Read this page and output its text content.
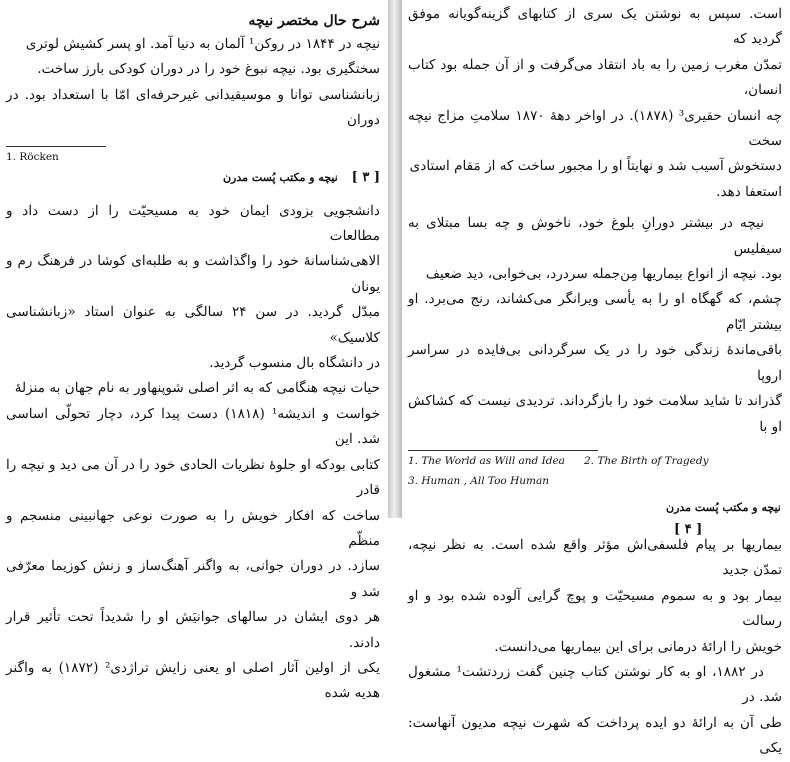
شرح حال مختصر نیچه
نیچه در ۱۸۴۴ در روکن¹ آلمان به دنیا آمد. او پسر کشیش لوتری
سختگیری بود. نیچه نبوغ خود را در دوران کودکی بارز ساخت.
زبانشناسی توانا و موسیقیدانی غیرحرفه‌ای امّا با استعداد بود. در دوران
1. Röcken
[ ۳ ] نیچه و مکتب پُست مدرن
دانشجویی بزودی ایمان خود به مسیحیّت را از دست داد و مطالعات
الاهی‌شناسانهٔ خود را واگذاشت و به طلبه‌ای کوشا در فرهنگ رم و یونان
مبدّل گردید. در سن ۲۴ سالگی به عنوان استاد «زبانشناسی کلاسیک»
در دانشگاه بال منسوب گردید.
حیات نیچه هنگامی که به اثر اصلی شوپنهاور به نام جهان به منزلهٔ
خواست و اندیشه¹ (۱۸۱۸) دست پیدا کرد، دچار تحولّی اساسی شد. این
کتابی بودکه او جلوهٔ نظریات الحادی خود را در آن می دید و نیچه را قادر
ساخت که افکار خویش را به صورت نوعی جهانبینی منسجم و منظّم
سازد. در دوران جوانی، به واگنر آهنگ‌ساز و زنش کوزیما معرّفی شد و
هر دوی ایشان در سالهای جوانیَش او را شدیداً تحت تأثیر قرار دادند.
یکی از اولین آثار اصلی او یعنی زایش تراژدی² (۱۸۷۲) به واگنر هدیه شده
است. سپس به نوشتن یک سری از کتابهای گزینه‌گویانه موفق گردید که
تمدّن مغرب زمین را به باد انتقاد می‌گرفت و از آن جمله بود کتاب انسان،
چه انسان حقیری³ (۱۸۷۸). در اواخر دههٔ ۱۸۷۰ سلامتِ مزاج نیچه سخت
دستخوش آسیب شد و نهایتاً او را مجبور ساخت که از مَقام استادی
استعفا دهد.
نیچه در بیشتر دورانِ بلوغ خود، ناخوش و چه بسا مبتلای به سیفلیس
بود. نیچه از انواع بیماریها مِن‌جمله سردرد، بی‌خوابی، دید ضعیف
چشم، که گهگاه او را به یأسی ویرانگر می‌کشاند، رنج می‌برد. او بیشتر ایّام
باقی‌ماندهٔ زندگی خود را در یک سرگردانی بی‌فایده در سراسر اروپا
گذراند تا شاید سلامت خود را بازگرداند. تردیدی نیست که کشاکش او با
1. The World as Will and Idea 2. The Birth of Tragedy
3. Human , All Too Human
نیچه و مکتب پُست مدرن [ ۴ ]
بیماریها بر پیام فلسفی‌اش مؤثر واقع شده است. به نظر نیچه، تمدّن جدید
بیمار بود و به سموم مسیحیّت و پوچ گرایی آلوده شده بود و او رسالت
خویش را ارائهٔ درمانی برای این بیماریها می‌دانست.
در ۱۸۸۲، او به کار نوشتن کتاب چنین گفت زردتشت¹ مشغول شد. در
طی آن به ارائهٔ دو ایده پرداخت که شهرت نیچه مدیون آنهاست: یکی
